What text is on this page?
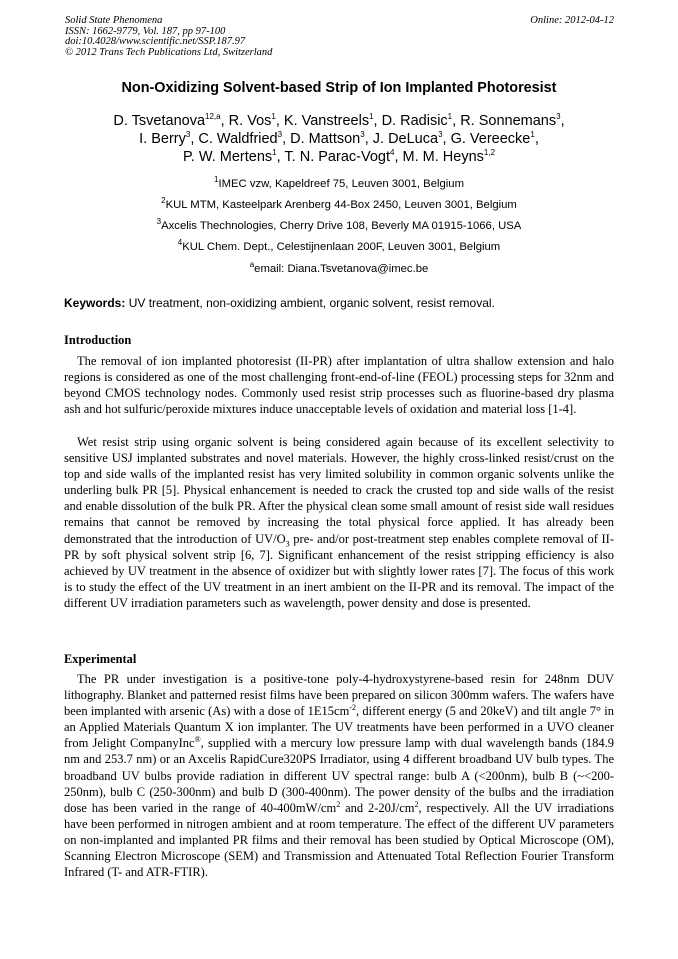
Solid State Phenomena
ISSN: 1662-9779, Vol. 187, pp 97-100
doi:10.4028/www.scientific.net/SSP.187.97
© 2012 Trans Tech Publications Ltd, Switzerland
Online: 2012-04-12
Non-Oxidizing Solvent-based Strip of Ion Implanted Photoresist
D. Tsvetanova$^{12,a}$, R. Vos$^1$, K. Vanstreels$^1$, D. Radisic$^1$, R. Sonnemans$^3$,
I. Berry$^3$, C. Waldfried$^3$, D. Mattson$^3$, J. DeLuca$^3$, G. Vereecke$^1$,
P. W. Mertens$^1$, T. N. Parac-Vogt$^4$, M. M. Heyns$^{1,2}$
$^1$IMEC vzw, Kapeldreef 75, Leuven 3001, Belgium
$^2$KUL MTM, Kasteelpark Arenberg 44-Box 2450, Leuven 3001, Belgium
$^3$Axcelis Thechnologies, Cherry Drive 108, Beverly MA 01915-1066, USA
$^4$KUL Chem. Dept., Celestijnenlaan 200F, Leuven 3001, Belgium
$^a$email: Diana.Tsvetanova@imec.be
Keywords: UV treatment, non-oxidizing ambient, organic solvent, resist removal.
Introduction
The removal of ion implanted photoresist (II-PR) after implantation of ultra shallow extension and halo regions is considered as one of the most challenging front-end-of-line (FEOL) processing steps for 32nm and beyond CMOS technology nodes. Commonly used resist strip processes such as fluorine-based dry plasma ash and hot sulfuric/peroxide mixtures induce unacceptable levels of oxidation and material loss [1-4].
Wet resist strip using organic solvent is being considered again because of its excellent selectivity to sensitive USJ implanted substrates and novel materials. However, the highly cross-linked resist/crust on the top and side walls of the implanted resist has very limited solubility in common organic solvents unlike the underling bulk PR [5]. Physical enhancement is needed to crack the crusted top and side walls of the resist and enable dissolution of the bulk PR. After the physical clean some small amount of resist side wall residues remains that cannot be removed by increasing the total physical force applied. It has already been demonstrated that the introduction of $UV/O_3$ pre- and/or post-treatment step enables complete removal of II-PR by soft physical solvent strip [6, 7]. Significant enhancement of the resist stripping efficiency is also achieved by UV treatment in the absence of oxidizer but with slightly lower rates [7]. The focus of this work is to study the effect of the UV treatment in an inert ambient on the II-PR and its removal. The impact of the different UV irradiation parameters such as wavelength, power density and dose is presented.
Experimental
The PR under investigation is a positive-tone poly-4-hydroxystyrene-based resin for 248nm DUV lithography. Blanket and patterned resist films have been prepared on silicon 300mm wafers. The wafers have been implanted with arsenic (As) with a dose of $1E15cm^{-2}$, different energy (5 and 20keV) and tilt angle 7° in an Applied Materials Quantum X ion implanter. The UV treatments have been performed in a UVO cleaner from Jelight CompanyInc®, supplied with a mercury low pressure lamp with dual wavelength bands (184.9 nm and 253.7 nm) or an Axcelis RapidCure320PS Irradiator, using 4 different broadband UV bulb types. The broadband UV bulbs provide radiation in different UV spectral range: bulb A (<200nm), bulb B (~<200-250nm), bulb C (250-300nm) and bulb D (300-400nm). The power density of the bulbs and the irradiation dose has been varied in the range of $40-400mW/cm^2$ and $2-20J/cm^2$, respectively. All the UV irradiations have been performed in nitrogen ambient and at room temperature. The effect of the different UV parameters on non-implanted and implanted PR films and their removal has been studied by Optical Microscope (OM), Scanning Electron Microscope (SEM) and Transmission and Attenuated Total Reflection Fourier Transform Infrared (T- and ATR-FTIR).
